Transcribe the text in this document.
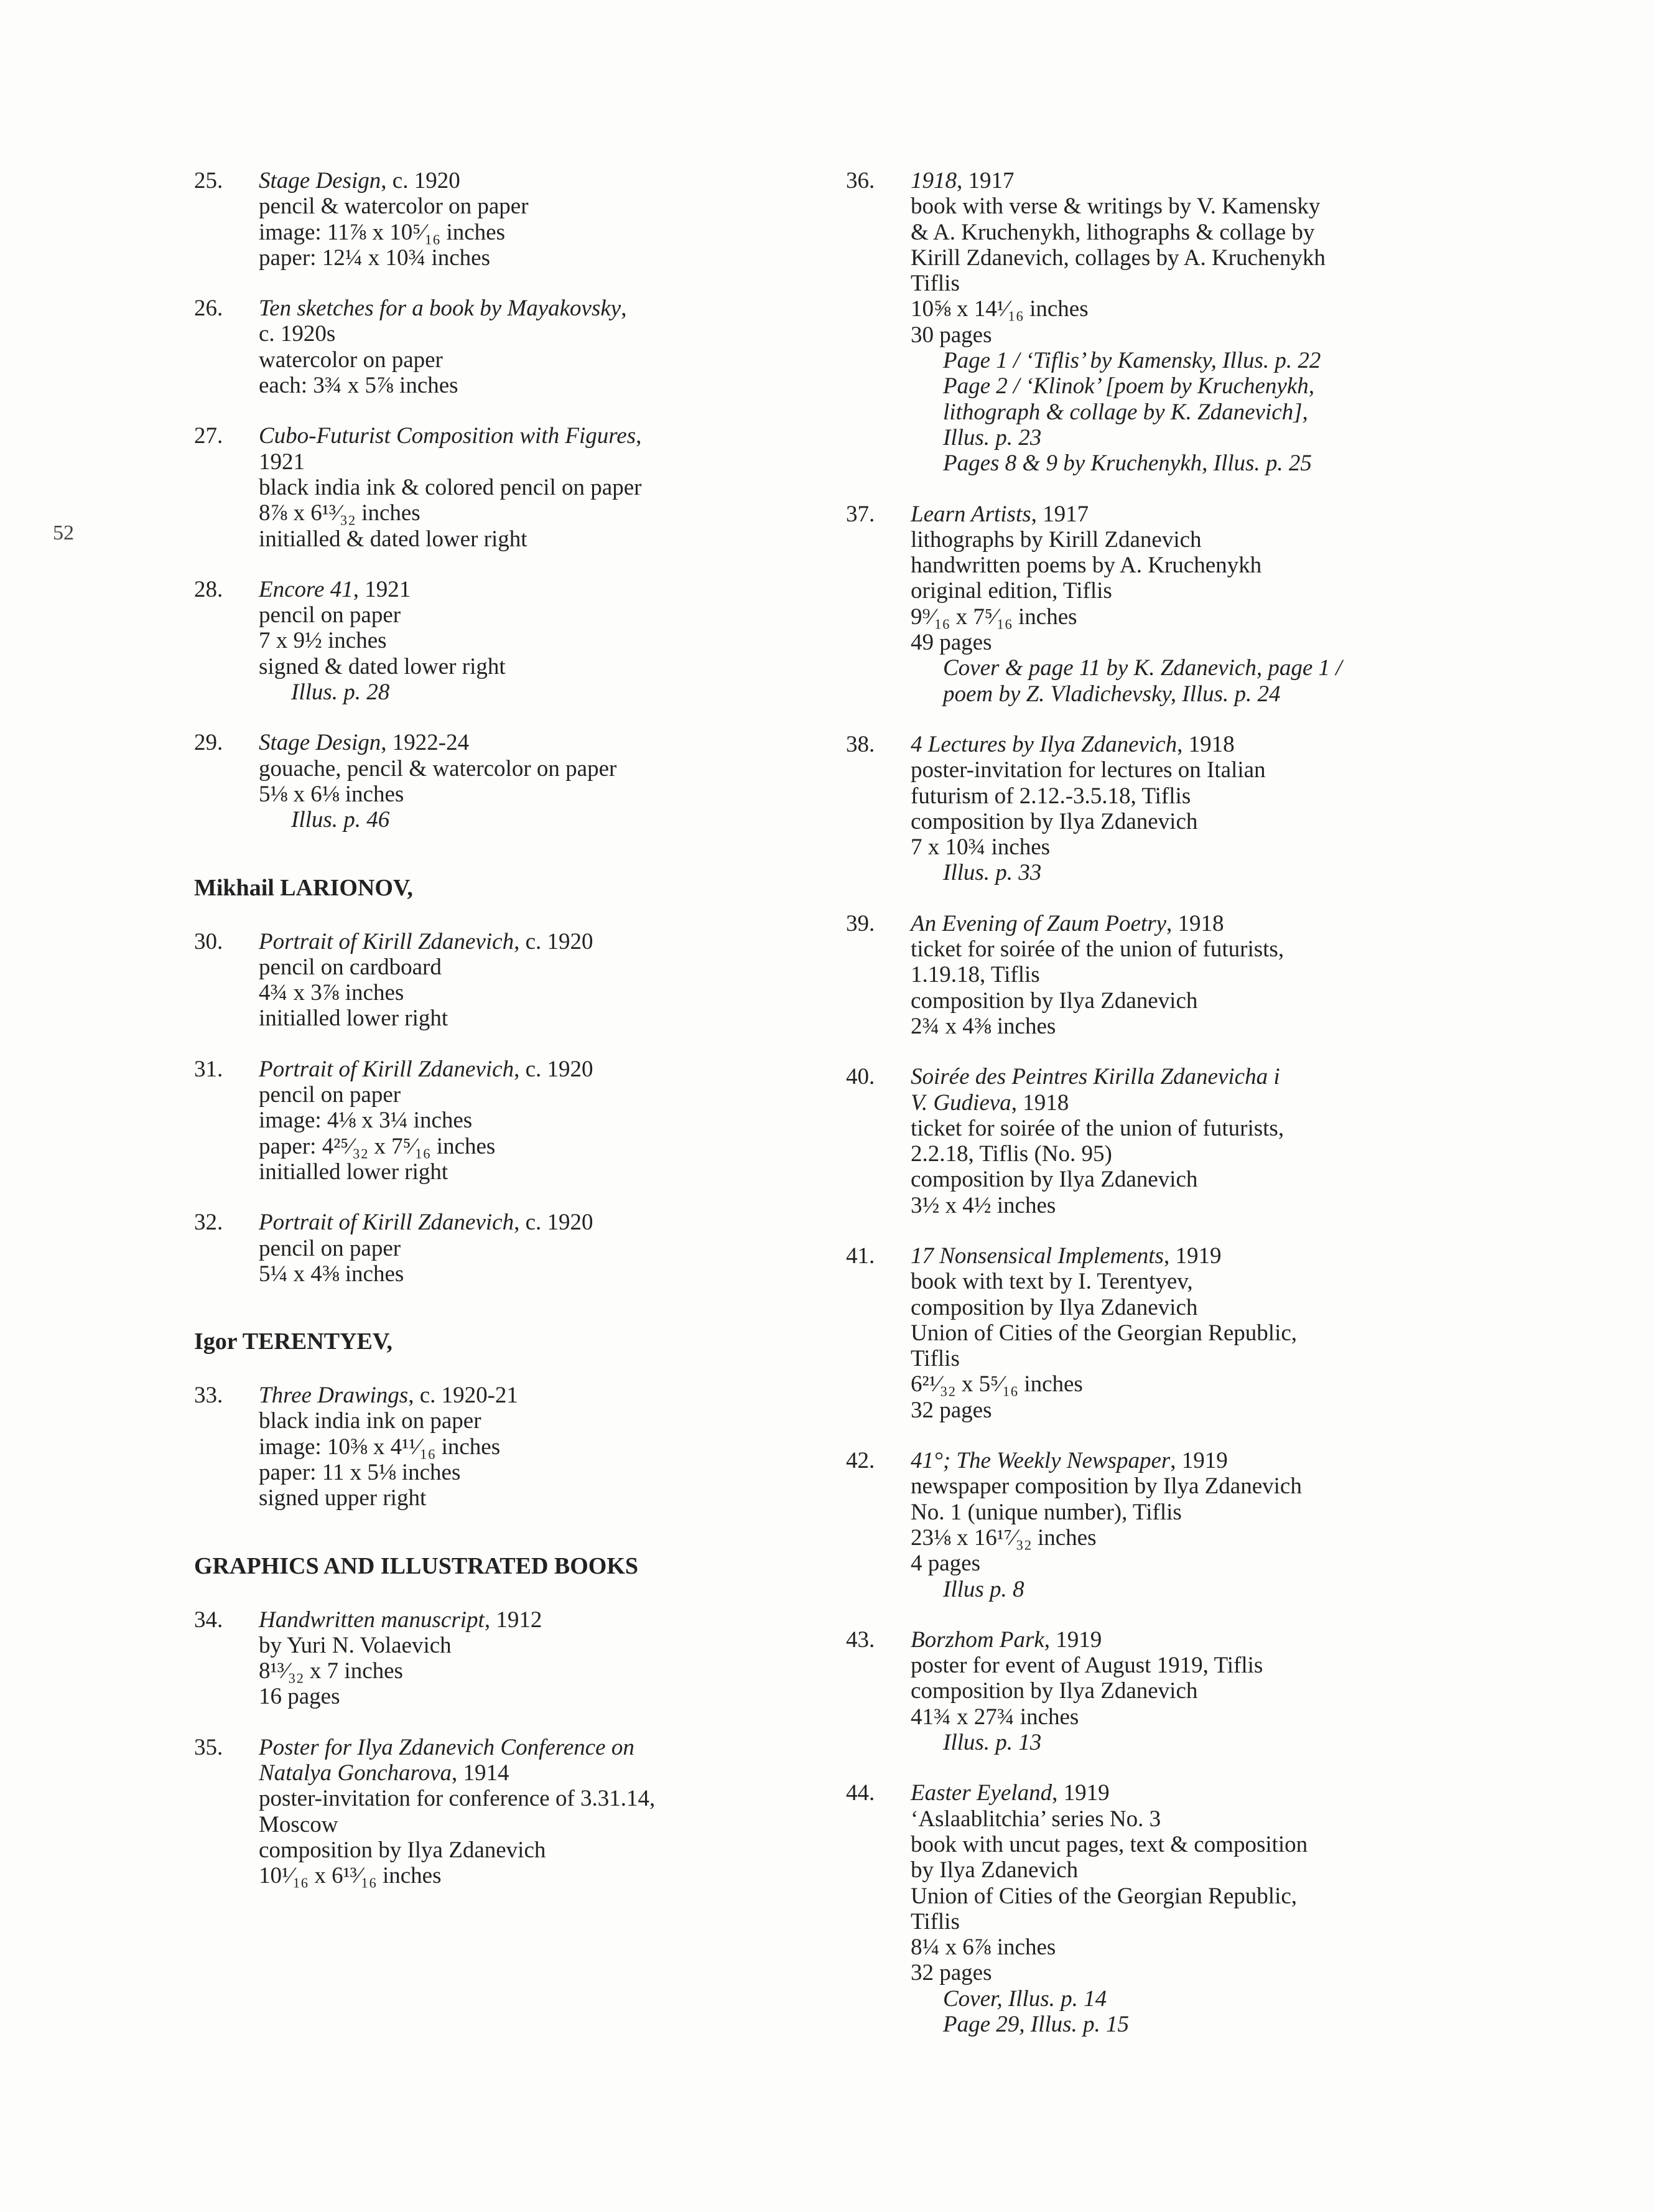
52
25. Stage Design, c. 1920
pencil & watercolor on paper
image: 11⅞ x 10⁵⁄₁₆ inches
paper: 12¼ x 10¾ inches
26. Ten sketches for a book by Mayakovsky,
c. 1920s
watercolor on paper
each: 3¾ x 5⅞ inches
27. Cubo-Futurist Composition with Figures,
1921
black india ink & colored pencil on paper
8⅞ x 6¹³⁄₃₂ inches
initialled & dated lower right
28. Encore 41, 1921
pencil on paper
7 x 9½ inches
signed & dated lower right
Illus. p. 28
29. Stage Design, 1922-24
gouache, pencil & watercolor on paper
5⅛ x 6⅛ inches
Illus. p. 46
Mikhail LARIONOV,
30. Portrait of Kirill Zdanevich, c. 1920
pencil on cardboard
4¾ x 3⅞ inches
initialled lower right
31. Portrait of Kirill Zdanevich, c. 1920
pencil on paper
image: 4⅛ x 3¼ inches
paper: 4²⁵⁄₃₂ x 7⁵⁄₁₆ inches
initialled lower right
32. Portrait of Kirill Zdanevich, c. 1920
pencil on paper
5¼ x 4⅜ inches
Igor TERENTYEV,
33. Three Drawings, c. 1920-21
black india ink on paper
image: 10⅜ x 4¹¹⁄₁₆ inches
paper: 11 x 5⅛ inches
signed upper right
GRAPHICS AND ILLUSTRATED BOOKS
34. Handwritten manuscript, 1912
by Yuri N. Volaevich
8¹³⁄₃₂ x 7 inches
16 pages
35. Poster for Ilya Zdanevich Conference on
Natalya Goncharova, 1914
poster-invitation for conference of 3.31.14,
Moscow
composition by Ilya Zdanevich
10¹⁄₁₆ x 6¹³⁄₁₆ inches
36. 1918, 1917
book with verse & writings by V. Kamensky
& A. Kruchenykh, lithographs & collage by
Kirill Zdanevich, collages by A. Kruchenykh
Tiflis
10⅝ x 14¹⁄₁₆ inches
30 pages
Page 1 / ‘Tiflis’ by Kamensky, Illus. p. 22
Page 2 / ‘Klinok’ [poem by Kruchenykh,
lithograph & collage by K. Zdanevich],
Illus. p. 23
Pages 8 & 9 by Kruchenykh, Illus. p. 25
37. Learn Artists, 1917
lithographs by Kirill Zdanevich
handwritten poems by A. Kruchenykh
original edition, Tiflis
9⁹⁄₁₆ x 7⁵⁄₁₆ inches
49 pages
Cover & page 11 by K. Zdanevich, page 1 /
poem by Z. Vladichevsky, Illus. p. 24
38. 4 Lectures by Ilya Zdanevich, 1918
poster-invitation for lectures on Italian
futurism of 2.12.-3.5.18, Tiflis
composition by Ilya Zdanevich
7 x 10¾ inches
Illus. p. 33
39. An Evening of Zaum Poetry, 1918
ticket for soirée of the union of futurists,
1.19.18, Tiflis
composition by Ilya Zdanevich
2¾ x 4⅜ inches
40. Soirée des Peintres Kirilla Zdanevicha i
V. Gudieva, 1918
ticket for soirée of the union of futurists,
2.2.18, Tiflis (No. 95)
composition by Ilya Zdanevich
3½ x 4½ inches
41. 17 Nonsensical Implements, 1919
book with text by I. Terentyev,
composition by Ilya Zdanevich
Union of Cities of the Georgian Republic,
Tiflis
6²¹⁄₃₂ x 5⁵⁄₁₆ inches
32 pages
42. 41°; The Weekly Newspaper, 1919
newspaper composition by Ilya Zdanevich
No. 1 (unique number), Tiflis
23⅛ x 16¹⁷⁄₃₂ inches
4 pages
Illus p. 8
43. Borzhom Park, 1919
poster for event of August 1919, Tiflis
composition by Ilya Zdanevich
41¾ x 27¾ inches
Illus. p. 13
44. Easter Eyeland, 1919
‘Aslaablitchia’ series No. 3
book with uncut pages, text & composition
by Ilya Zdanevich
Union of Cities of the Georgian Republic,
Tiflis
8¼ x 6⅞ inches
32 pages
Cover, Illus. p. 14
Page 29, Illus. p. 15
